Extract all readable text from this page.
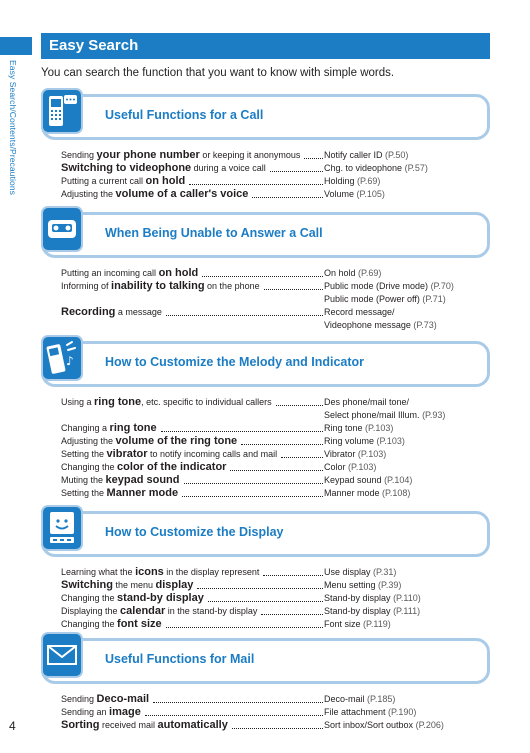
Easy Search/Contents/Precautions
Easy Search
You can search the function that you want to know with simple words.
Useful Functions for a Call
Sending your phone number or keeping it anonymous	Notify caller ID (P.50)
Switching to videophone during a voice call	Chg. to videophone (P.57)
Putting a current call on hold	Holding (P.69)
Adjusting the volume of a caller's voice	Volume (P.105)
When Being Unable to Answer a Call
Putting an incoming call on hold	On hold (P.69)
Informing of inability to talking on the phone	Public mode (Drive mode) (P.70)
Public mode (Power off) (P.71)
Recording a message	Record message/
Videophone message (P.73)
♪	How to Customize the Melody and Indicator
Using a ring tone, etc. specific to individual callers	Des phone/mail tone/
Select phone/mail Illum. (P.93)
Changing a ring tone	Ring tone (P.103)
Adjusting the volume of the ring tone	Ring volume (P.103)
Setting the vibrator to notify incoming calls and mail	Vibrator (P.103)
Changing the color of the indicator	Color (P.103)
Muting the keypad sound	Keypad sound (P.104)
Setting the Manner mode	Manner mode (P.108)
How to Customize the Display
Learning what the icons in the display represent	Use display (P.31)
Switching the menu display	Menu setting (P.39)
Changing the stand-by display	Stand-by display (P.110)
Displaying the calendar in the stand-by display	Stand-by display (P.111)
Changing the font size	Font size (P.119)
Useful Functions for Mail
Sending Deco-mail	Deco-mail (P.185)
Sending an image	File attachment (P.190)
Sorting received mail automatically	Sort inbox/Sort outbox (P.206)
4
